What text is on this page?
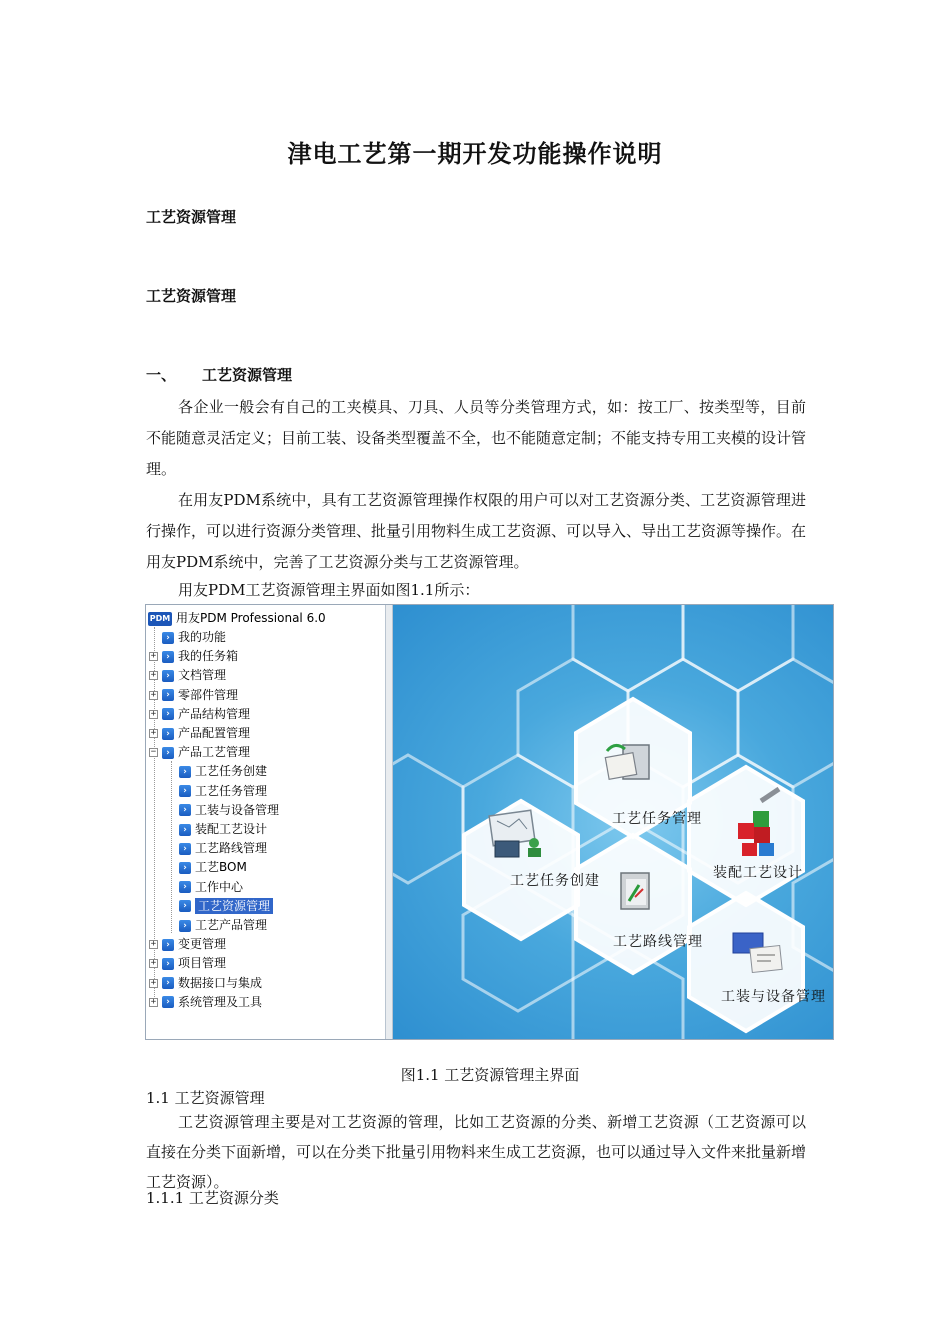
津电工艺第一期开发功能操作说明
工艺资源管理
工艺资源管理
一、 工艺资源管理

各企业一般会有自己的工夹模具、刀具、人员等分类管理方式，如：按工厂、按类型等，目前不能随意灵活定义；目前工装、设备类型覆盖不全，也不能随意定制；不能支持专用工夹模的设计管理。

在用友PDM系统中，具有工艺资源管理操作权限的用户可以对工艺资源分类、工艺资源管理进行操作，可以进行资源分类管理、批量引用物料生成工艺资源、可以导入、导出工艺资源等操作。在用友PDM系统中，完善了工艺资源分类与工艺资源管理。

用友PDM工艺资源管理主界面如图1.1所示：

PDM 用友PDM Professional 6.0
› 我的功能
+ › 我的任务箱
+ › 文档管理
+ › 零部件管理
+ › 产品结构管理
+ › 产品配置管理
− › 产品工艺管理
› 工艺任务创建
› 工艺任务管理
› 工装与设备管理
› 装配工艺设计
› 工艺路线管理
› 工艺BOM
› 工作中心
› 工艺资源管理
› 工艺产品管理
+ › 变更管理
+ › 项目管理
+ › 数据接口与集成
+ › 系统管理及工具
工艺任务创建
工艺任务管理
装配工艺设计
工艺路线管理
工装与设备管理
图1.1 工艺资源管理主界面
1.1 工艺资源管理

工艺资源管理主要是对工艺资源的管理，比如工艺资源的分类、新增工艺资源（工艺资源可以直接在分类下面新增，可以在分类下批量引用物料来生成工艺资源，也可以通过导入文件来批量新增工艺资源）。

1.1.1 工艺资源分类
